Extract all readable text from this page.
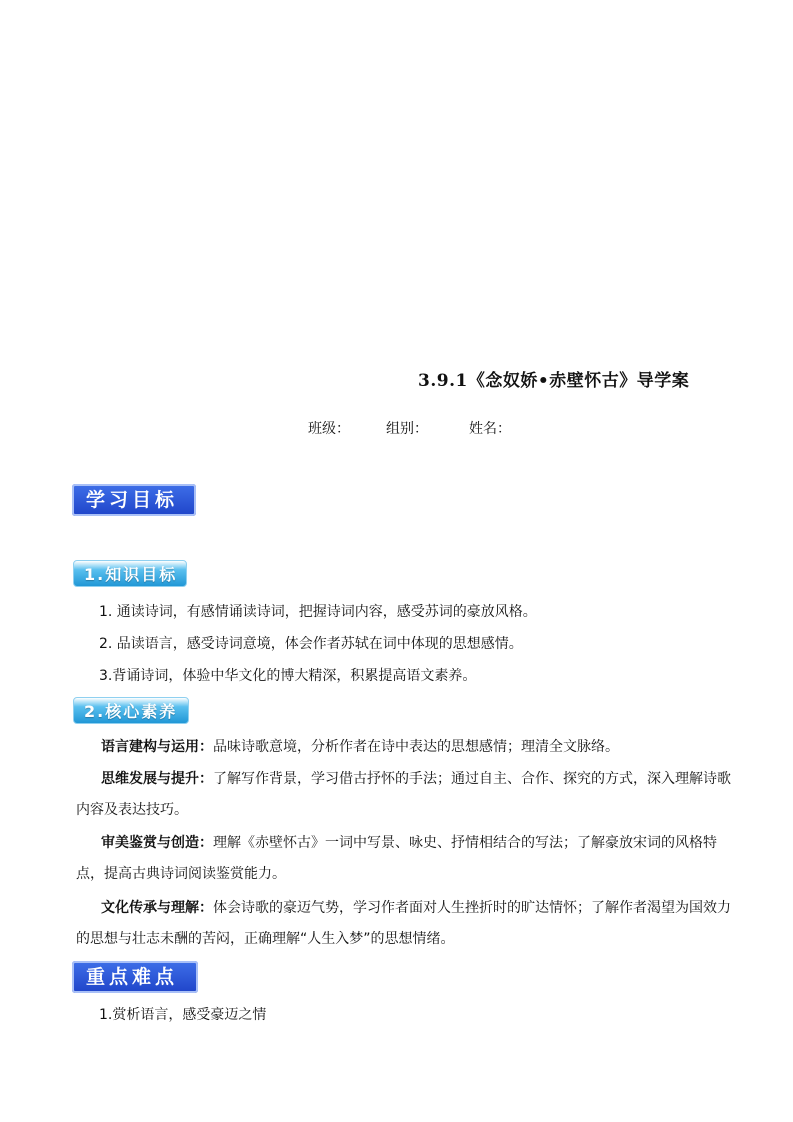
3.9.1《念奴娇•赤壁怀古》导学案
班级：	组别：	姓名：
学习目标
1.知识目标
1. 通读诗词，有感情诵读诗词，把握诗词内容，感受苏词的豪放风格。
2. 品读语言，感受诗词意境，体会作者苏轼在词中体现的思想感情。
3.背诵诗词，体验中华文化的博大精深，积累提高语文素养。
2.核心素养
语言建构与运用：品味诗歌意境，分析作者在诗中表达的思想感情；理清全文脉络。
思维发展与提升：了解写作背景，学习借古抒怀的手法；通过自主、合作、探究的方式，深入理解诗歌内容及表达技巧。
审美鉴赏与创造：理解《赤壁怀古》一词中写景、咏史、抒情相结合的写法；了解豪放宋词的风格特点，提高古典诗词阅读鉴赏能力。
文化传承与理解：体会诗歌的豪迈气势，学习作者面对人生挫折时的旷达情怀；了解作者渴望为国效力的思想与壮志未酬的苦闷，正确理解“人生入梦”的思想情绪。
重点难点
1.赏析语言，感受豪迈之情
